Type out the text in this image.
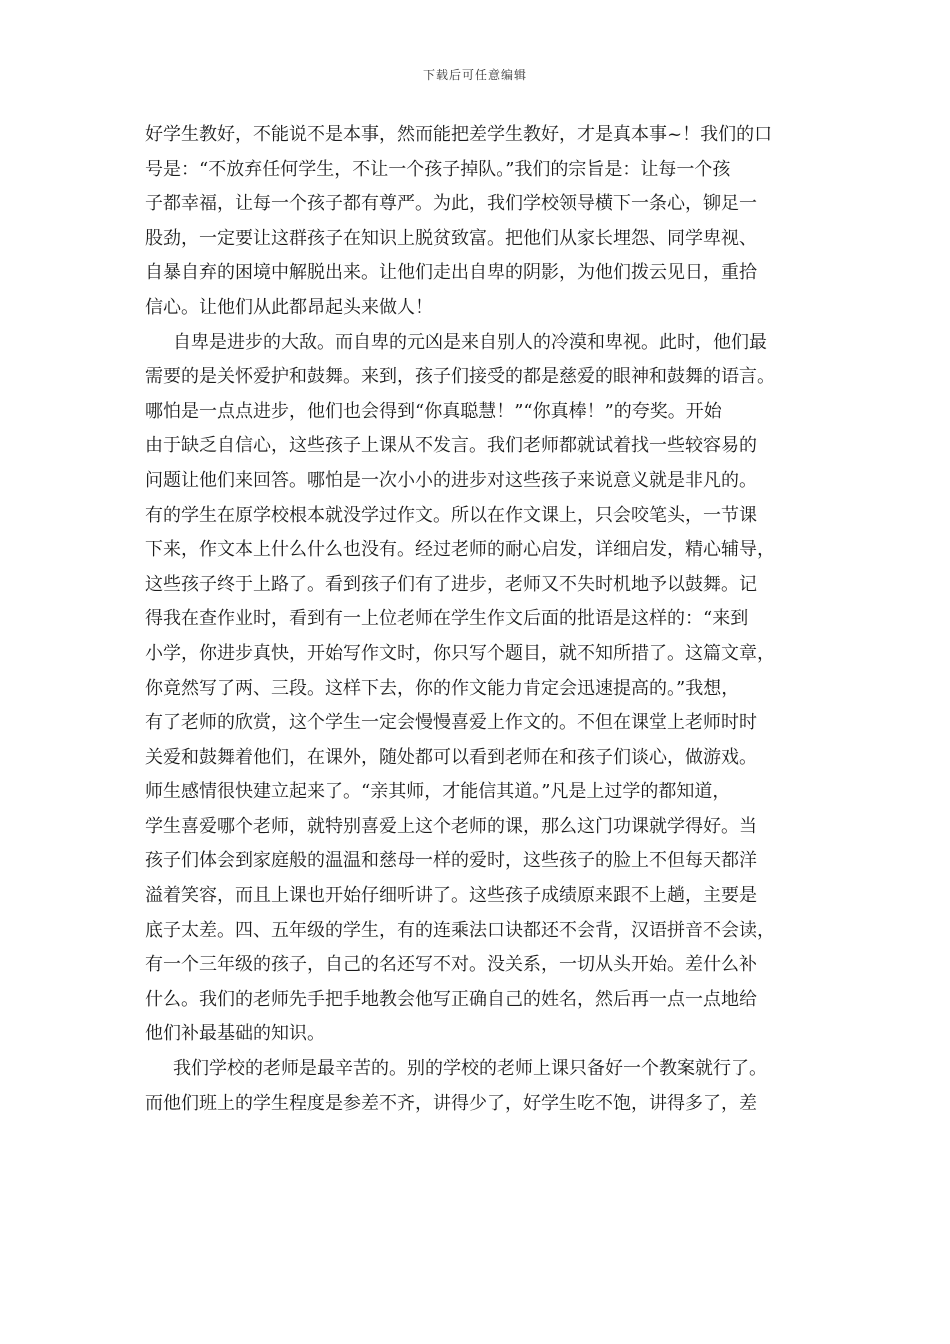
下载后可任意编辑
好学生教好，不能说不是本事，然而能把差学生教好，才是真本事~！我们的口
号是：“不放弃任何学生，不让一个孩子掉队。”我们的宗旨是：让每一个孩
子都幸福，让每一个孩子都有尊严。为此，我们学校领导横下一条心，铆足一
股劲，一定要让这群孩子在知识上脱贫致富。把他们从家长埋怨、同学卑视、
自暴自弃的困境中解脱出来。让他们走出自卑的阴影，为他们拨云见日，重拾
信心。让他们从此都昂起头来做人！
自卑是进步的大敌。而自卑的元凶是来自别人的冷漠和卑视。此时，他们最
需要的是关怀爱护和鼓舞。来到，孩子们接受的都是慈爱的眼神和鼓舞的语言。
哪怕是一点点进步，他们也会得到“你真聪慧！”“你真棒！”的夸奖。开始
由于缺乏自信心，这些孩子上课从不发言。我们老师都就试着找一些较容易的
问题让他们来回答。哪怕是一次小小的进步对这些孩子来说意义就是非凡的。
有的学生在原学校根本就没学过作文。所以在作文课上，只会咬笔头，一节课
下来，作文本上什么什么也没有。经过老师的耐心启发，详细启发，精心辅导，
这些孩子终于上路了。看到孩子们有了进步，老师又不失时机地予以鼓舞。记
得我在查作业时，看到有一上位老师在学生作文后面的批语是这样的：“来到
小学，你进步真快，开始写作文时，你只写个题目，就不知所措了。这篇文章，
你竟然写了两、三段。这样下去，你的作文能力肯定会迅速提高的。”我想，
有了老师的欣赏，这个学生一定会慢慢喜爱上作文的。不但在课堂上老师时时
关爱和鼓舞着他们，在课外，随处都可以看到老师在和孩子们谈心，做游戏。
师生感情很快建立起来了。“亲其师，才能信其道。”凡是上过学的都知道，
学生喜爱哪个老师，就特别喜爱上这个老师的课，那么这门功课就学得好。当
孩子们体会到家庭般的温温和慈母一样的爱时，这些孩子的脸上不但每天都洋
溢着笑容，而且上课也开始仔细听讲了。这些孩子成绩原来跟不上趟，主要是
底子太差。四、五年级的学生，有的连乘法口诀都还不会背，汉语拼音不会读，
有一个三年级的孩子，自己的名还写不对。没关系，一切从头开始。差什么补
什么。我们的老师先手把手地教会他写正确自己的姓名，然后再一点一点地给
他们补最基础的知识。
我们学校的老师是最辛苦的。别的学校的老师上课只备好一个教案就行了。
而他们班上的学生程度是参差不齐，讲得少了，好学生吃不饱，讲得多了，差
